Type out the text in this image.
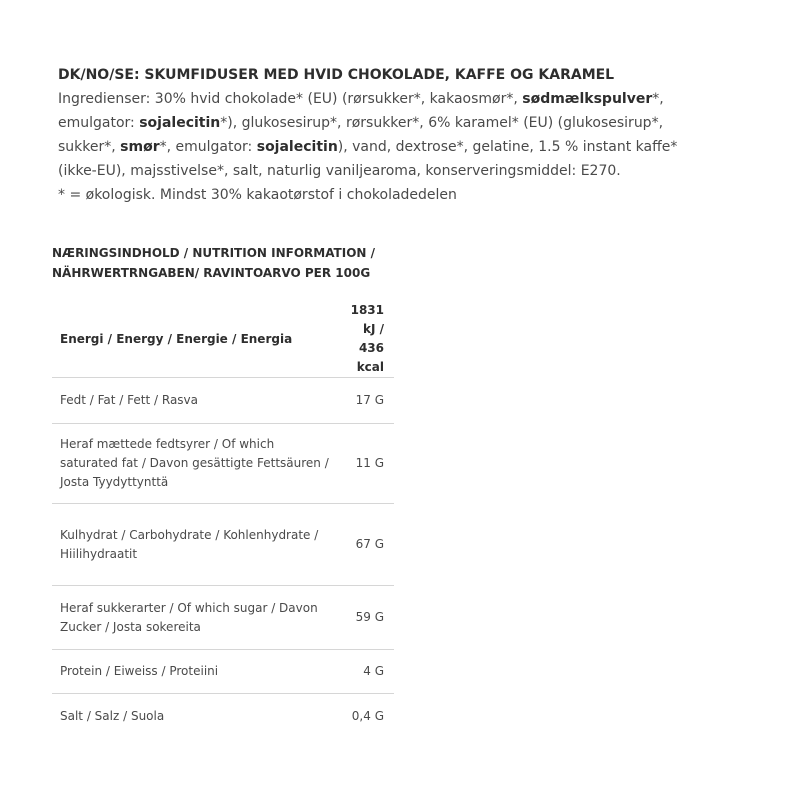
DK/NO/SE: SKUMFIDUSER MED HVID CHOKOLADE, KAFFE OG KARAMEL
Ingredienser: 30% hvid chokolade* (EU) (rørsukker*, kakaosmør*, sødmælkspulver*, emulgator: sojalecitin*), glukosesirup*, rørsukker*, 6% karamel* (EU) (glukosesirup*, sukker*, smør*, emulgator: sojalecitin), vand, dextrose*, gelatine, 1.5 % instant kaffe* (ikke-EU), majsstivelse*, salt, naturlig vaniljearoma, konserveringsmiddel: E270.
* = økologisk. Mindst 30% kakaotørstof i chokoladedelen
NÆRINGSINDHOLD / NUTRITION INFORMATION /
NÄHRWERTRNGABEN/ RAVINTOARVO PER 100G
Energi / Energy / Energie / Energia	1831 kJ / 436 kcal
Fedt / Fat / Fett / Rasva	17 G
Heraf mættede fedtsyrer / Of which saturated fat / Davon gesättigte Fettsäuren / Josta Tyydyttynttä	11 G
Kulhydrat / Carbohydrate / Kohlenhydrate / Hiilihydraatit	67 G
Heraf sukkerarter / Of which sugar / Davon Zucker / Josta sokereita	59 G
Protein / Eiweiss / Proteiini	4 G
Salt / Salz / Suola	0,4 G
